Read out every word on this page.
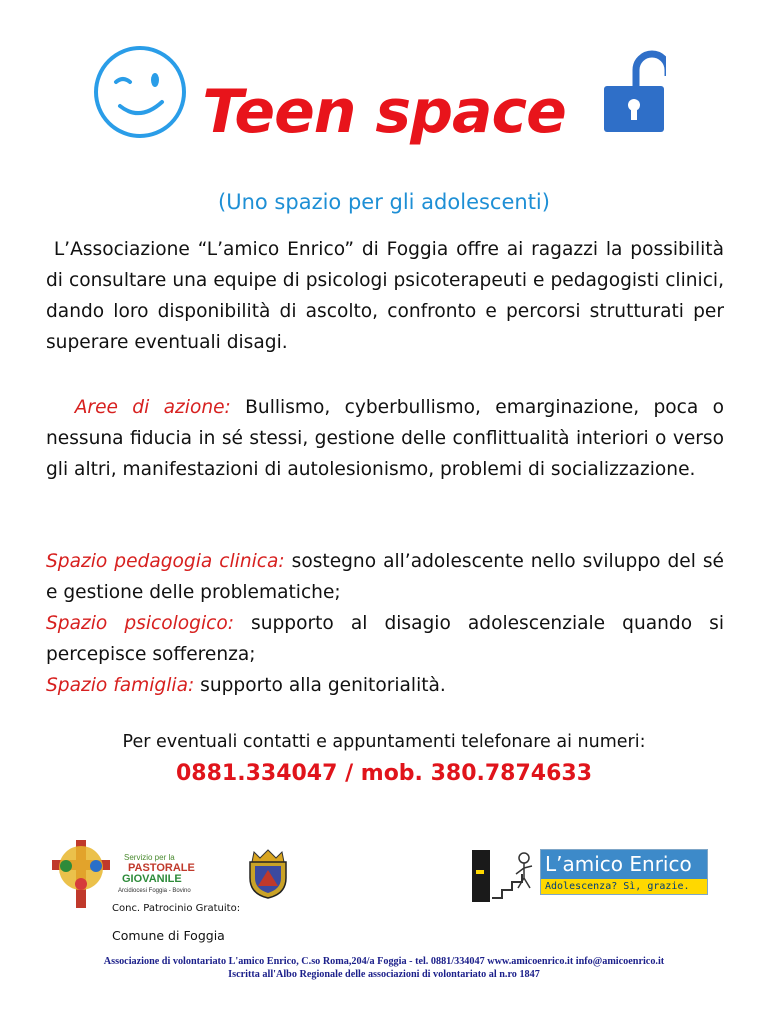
Teen space
(Uno spazio per gli adolescenti)
L’Associazione “L’amico Enrico” di Foggia offre ai ragazzi la possibilità di consultare una equipe di psicologi psicoterapeuti e pedagogisti clinici, dando loro disponibilità di ascolto, confronto e percorsi strutturati per superare eventuali disagi.
Aree di azione: Bullismo, cyberbullismo, emarginazione, poca o nessuna fiducia in sé stessi, gestione delle conflittualità interiori o verso gli altri, manifestazioni di autolesionismo, problemi di socializzazione.
Spazio pedagogia clinica: sostegno all’adolescente nello sviluppo del sé e gestione delle problematiche;
Spazio psicologico: supporto al disagio adolescenziale quando si percepisce sofferenza;
Spazio famiglia: supporto alla genitorialità.
Per eventuali contatti e appuntamenti telefonare ai numeri:
0881.334047 / mob. 380.7874633
Servizio per la
PASTORALE
GIOVANILE
Arcidiocesi Foggia - Bovino
Conc. Patrocinio Gratuito:
Comune di Foggia
L’amico Enrico
Adolescenza? Sì, grazie.
Associazione di volontariato L'amico Enrico, C.so Roma,204/a Foggia - tel. 0881/334047 www.amicoenrico.it info@amicoenrico.it
Iscritta all'Albo Regionale delle associazioni di volontariato al n.ro 1847
